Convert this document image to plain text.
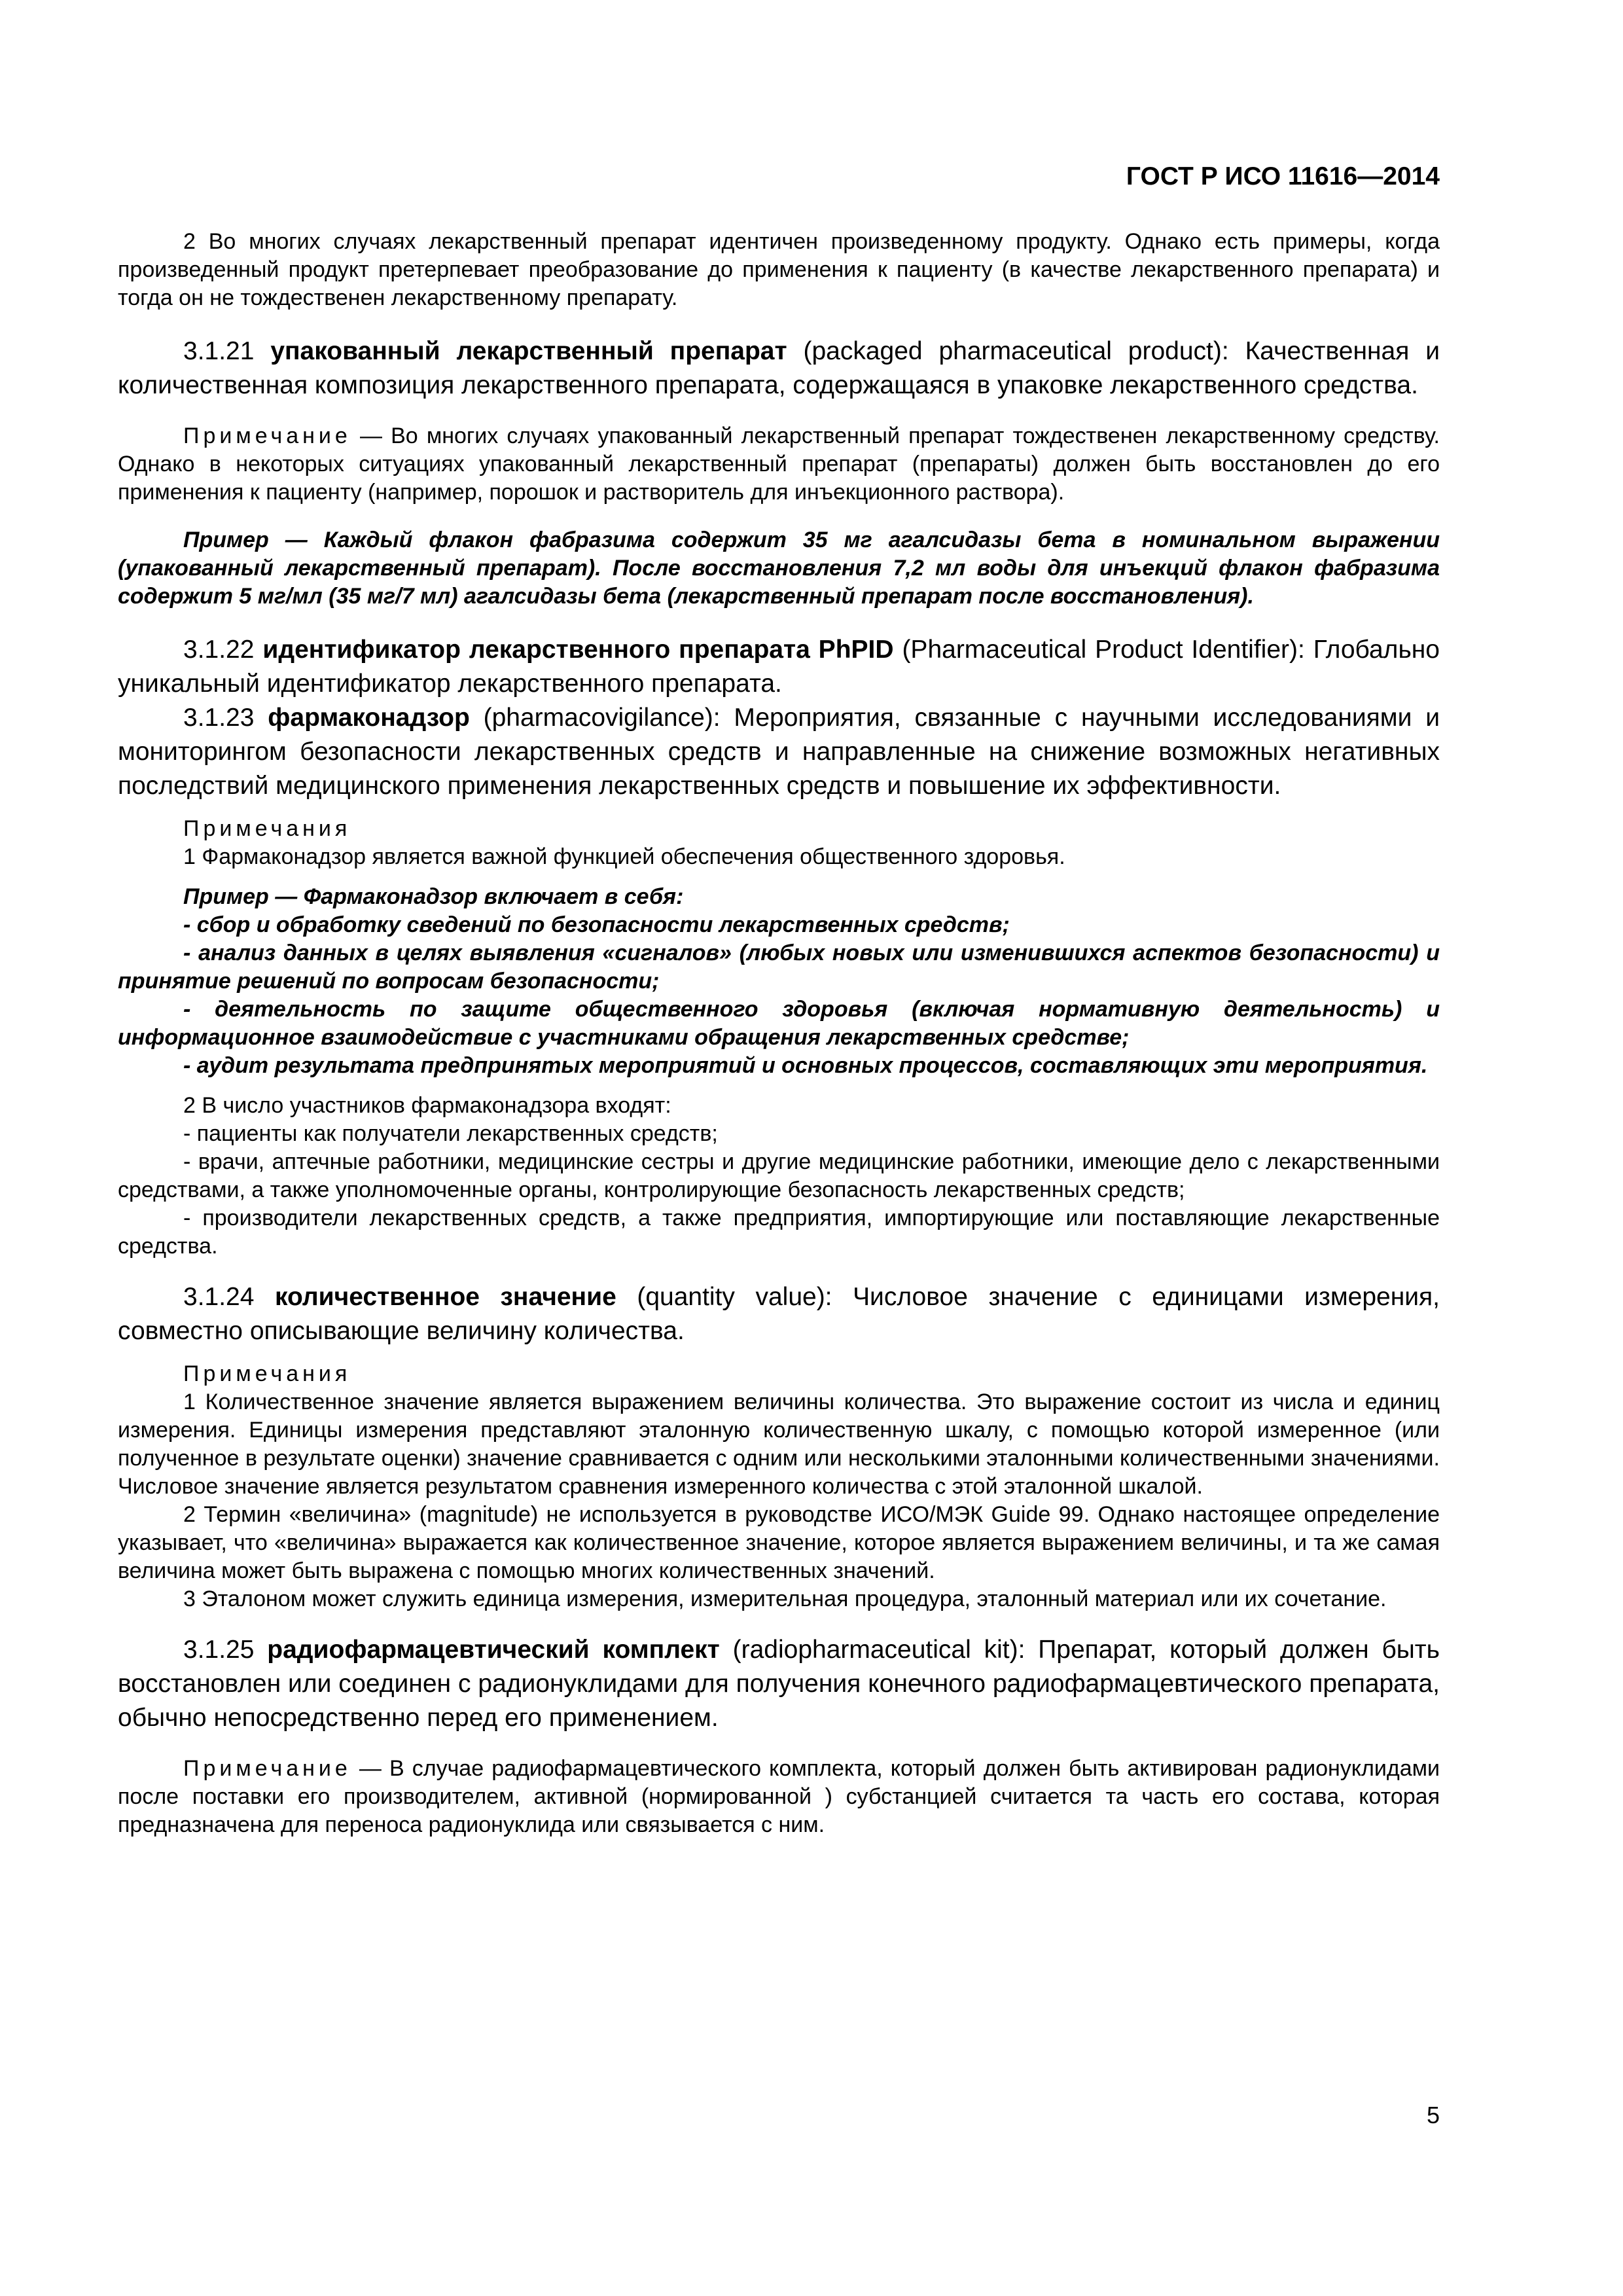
ГОСТ Р ИСО 11616—2014

2 Во многих случаях лекарственный препарат идентичен произведенному продукту. Однако есть примеры, когда произведенный продукт претерпевает преобразование до применения к пациенту (в качестве лекарственного препарата) и тогда он не тождественен лекарственному препарату.

3.1.21 упакованный лекарственный препарат (packaged pharmaceutical product): Качественная и количественная композиция лекарственного препарата, содержащаяся в упаковке лекарственного средства.

Примечание — Во многих случаях упакованный лекарственный препарат тождественен лекарственному средству. Однако в некоторых ситуациях упакованный лекарственный препарат (препараты) должен быть восстановлен до его применения к пациенту (например, порошок и растворитель для инъекционного раствора).

Пример — Каждый флакон фабразима содержит 35 мг агалсидазы бета в номинальном выражении (упакованный лекарственный препарат). После восстановления 7,2 мл воды для инъекций флакон фабразима содержит 5 мг/мл (35 мг/7 мл) агалсидазы бета (лекарственный препарат после восстановления).

3.1.22 идентификатор лекарственного препарата PhPID (Pharmaceutical Product Identifier): Глобально уникальный идентификатор лекарственного препарата.

3.1.23 фармаконадзор (pharmacovigilance): Мероприятия, связанные с научными исследованиями и мониторингом безопасности лекарственных средств и направленные на снижение возможных негативных последствий медицинского применения лекарственных средств и повышение их эффективности.

Примечания

1 Фармаконадзор является важной функцией обеспечения общественного здоровья.

Пример — Фармаконадзор включает в себя:

- сбор и обработку сведений по безопасности лекарственных средств;

- анализ данных в целях выявления «сигналов» (любых новых или изменившихся аспектов безопасности) и принятие решений по вопросам безопасности;

- деятельность по защите общественного здоровья (включая нормативную деятельность) и информационное взаимодействие с участниками обращения лекарственных средстве;

- аудит результата предпринятых мероприятий и основных процессов, составляющих эти мероприятия.

2 В число участников фармаконадзора входят:

- пациенты как получатели лекарственных средств;

- врачи, аптечные работники, медицинские сестры и другие медицинские работники, имеющие дело с лекарственными средствами, а также уполномоченные органы, контролирующие безопасность лекарственных средств;

- производители лекарственных средств, а также предприятия, импортирующие или поставляющие лекарственные средства.

3.1.24 количественное значение (quantity value): Числовое значение с единицами измерения, совместно описывающие величину количества.

Примечания

1 Количественное значение является выражением величины количества. Это выражение состоит из числа и единиц измерения. Единицы измерения представляют эталонную количественную шкалу, с помощью которой измеренное (или полученное в результате оценки) значение сравнивается с одним или несколькими эталонными количественными значениями. Числовое значение является результатом сравнения измеренного количества с этой эталонной шкалой.

2 Термин «величина» (magnitude) не используется в руководстве ИСО/МЭК Guide 99. Однако настоящее определение указывает, что «величина» выражается как количественное значение, которое является выражением величины, и та же самая величина может быть выражена с помощью многих количественных значений.

3 Эталоном может служить единица измерения, измерительная процедура, эталонный материал или их сочетание.

3.1.25 радиофармацевтический комплект (radiopharmaceutical kit): Препарат, который должен быть восстановлен или соединен с радионуклидами для получения конечного радиофармацевтического препарата, обычно непосредственно перед его применением.

Примечание — В случае радиофармацевтического комплекта, который должен быть активирован радионуклидами после поставки его производителем, активной (нормированной ) субстанцией считается та часть его состава, которая предназначена для переноса радионуклида или связывается с ним.

5
